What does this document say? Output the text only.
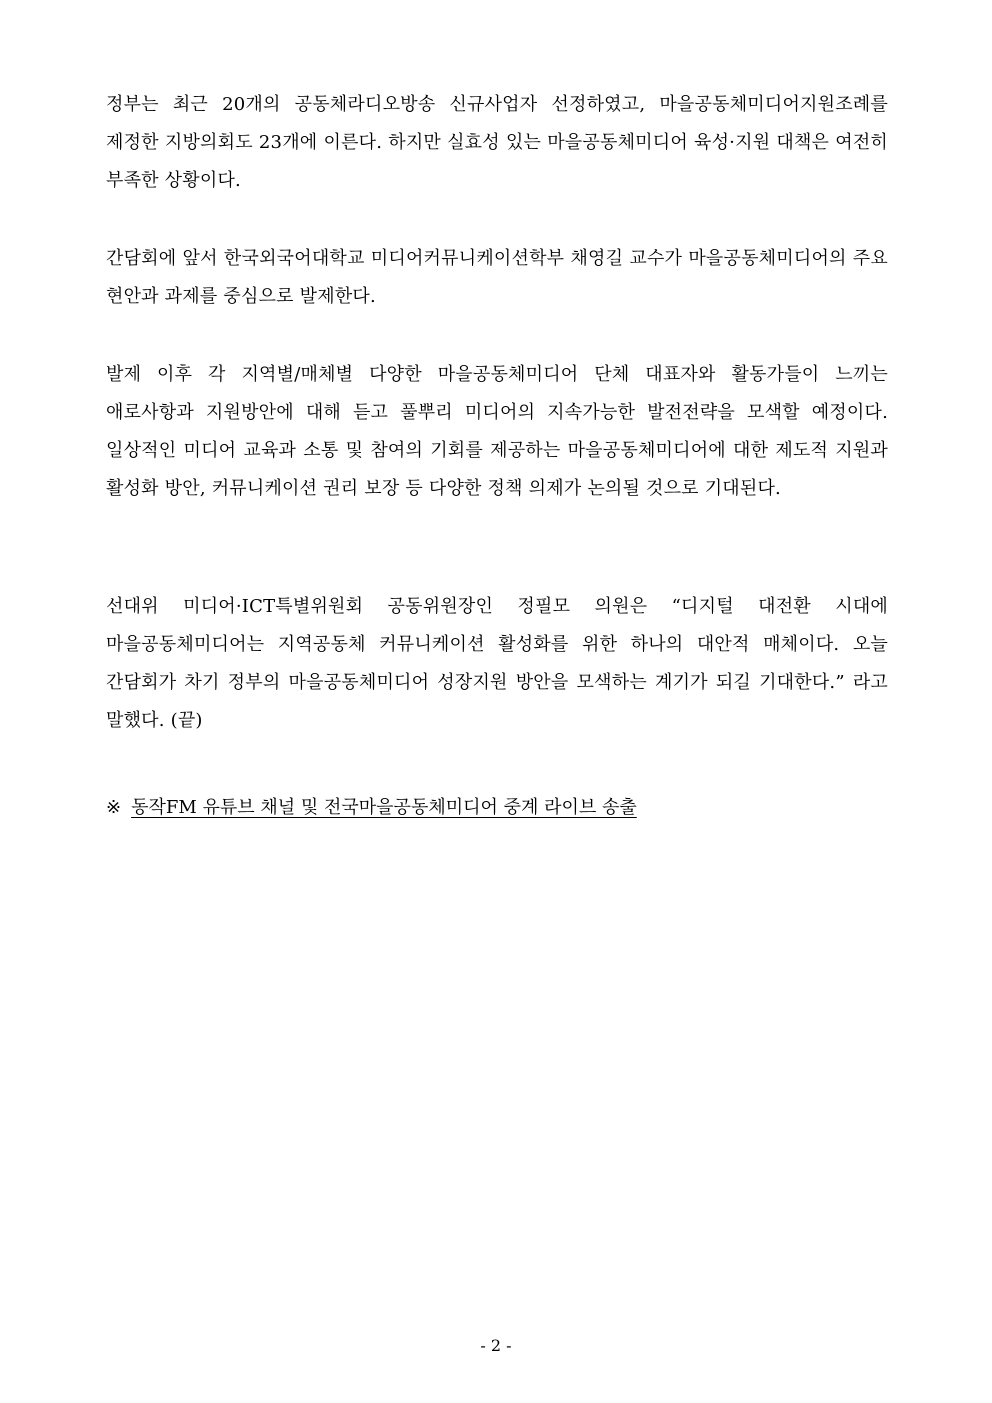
정부는 최근 20개의 공동체라디오방송 신규사업자 선정하였고, 마을공동체미디어지원조례를 제정한 지방의회도 23개에 이른다. 하지만 실효성 있는 마을공동체미디어 육성·지원 대책은 여전히 부족한 상황이다.

간담회에 앞서 한국외국어대학교 미디어커뮤니케이션학부 채영길 교수가 마을공동체미디어의 주요 현안과 과제를 중심으로 발제한다.

발제 이후 각 지역별/매체별 다양한 마을공동체미디어 단체 대표자와 활동가들이 느끼는 애로사항과 지원방안에 대해 듣고 풀뿌리 미디어의 지속가능한 발전전략을 모색할 예정이다. 일상적인 미디어 교육과 소통 및 참여의 기회를 제공하는 마을공동체미디어에 대한 제도적 지원과 활성화 방안, 커뮤니케이션 권리 보장 등 다양한 정책 의제가 논의될 것으로 기대된다.

선대위 미디어·ICT특별위원회 공동위원장인 정필모 의원은 “디지털 대전환 시대에 마을공동체미디어는 지역공동체 커뮤니케이션 활성화를 위한 하나의 대안적 매체이다. 오늘 간담회가 차기 정부의 마을공동체미디어 성장지원 방안을 모색하는 계기가 되길 기대한다.” 라고 말했다. (끝)

※ 동작FM 유튜브 채널 및 전국마을공동체미디어 중계 라이브 송출

- 2 -
